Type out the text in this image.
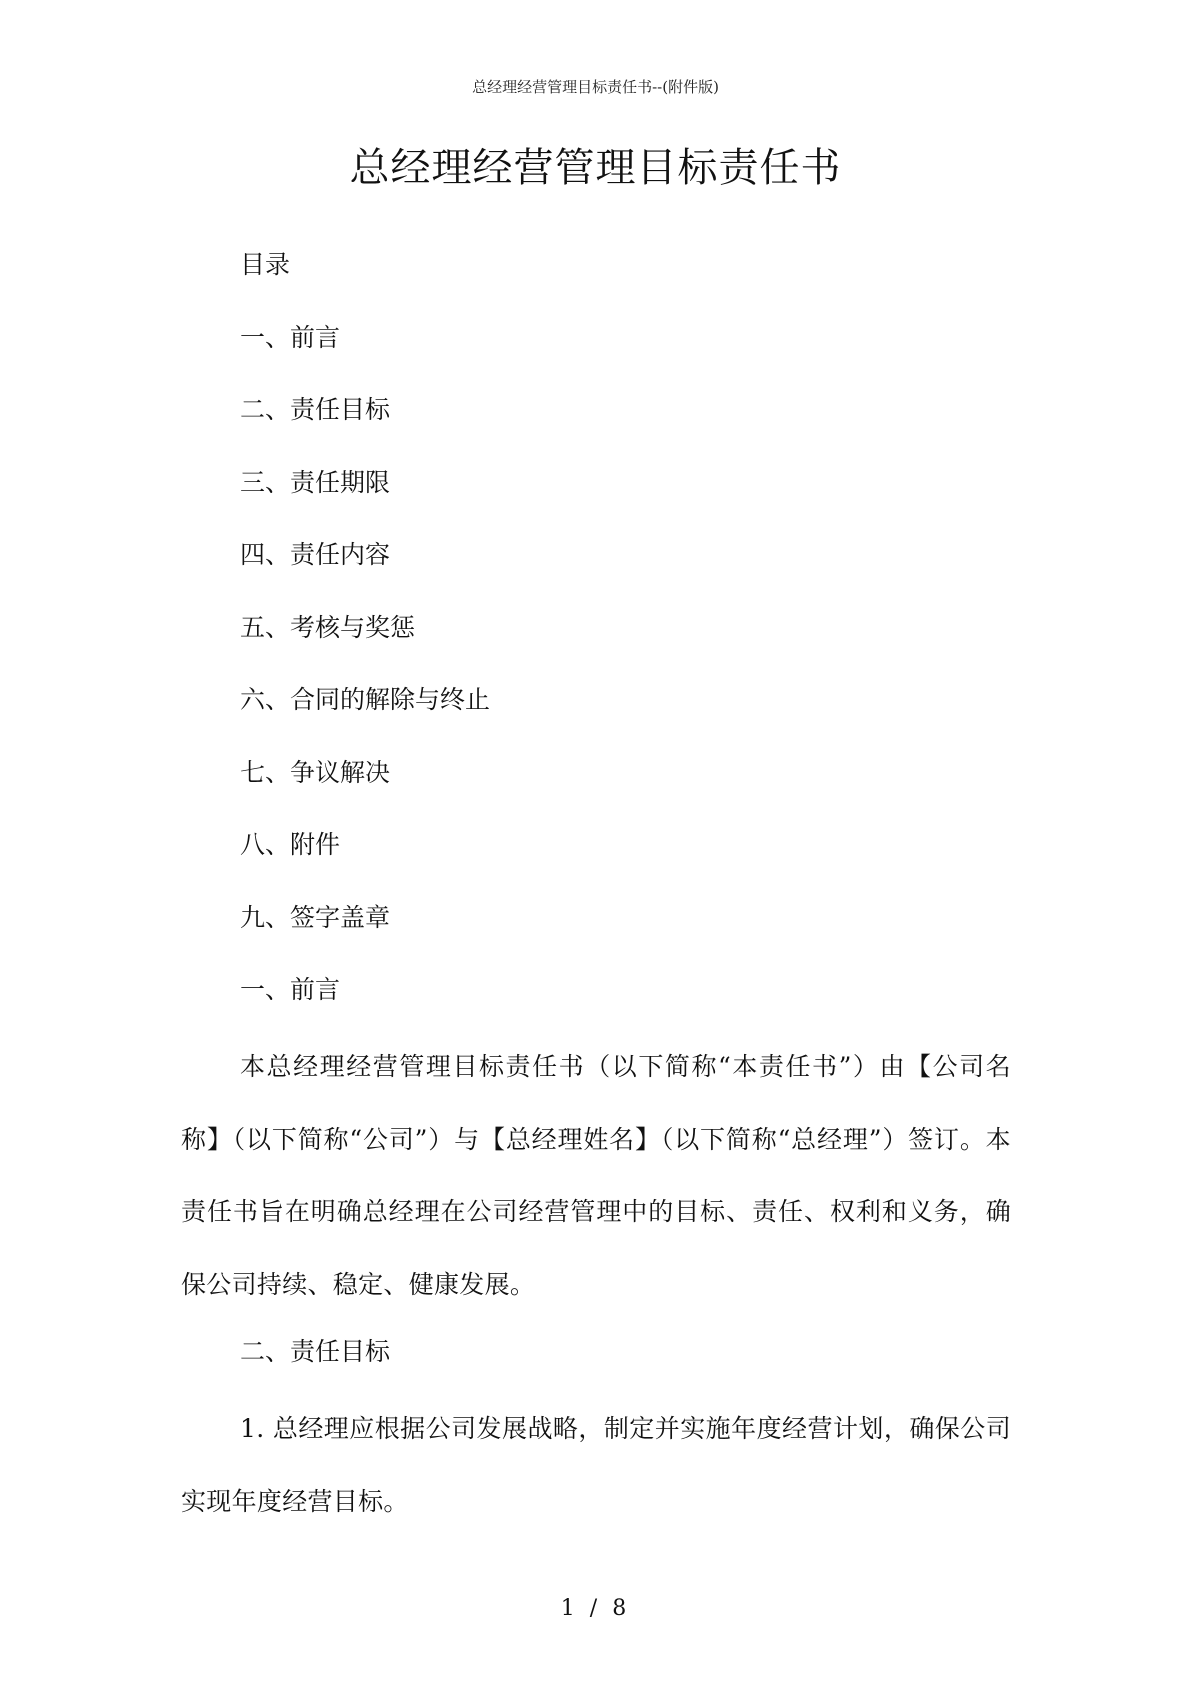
总经理经营管理目标责任书--(附件版)
总经理经营管理目标责任书
目录
一、前言
二、责任目标
三、责任期限
四、责任内容
五、考核与奖惩
六、合同的解除与终止
七、争议解决
八、附件
九、签字盖章
一、前言

本总经理经营管理目标责任书（以下简称“本责任书”）由【公司名称】（以下简称“公司”）与【总经理姓名】（以下简称“总经理”）签订。本责任书旨在明确总经理在公司经营管理中的目标、责任、权利和义务，确保公司持续、稳定、健康发展。

二、责任目标

1. 总经理应根据公司发展战略，制定并实施年度经营计划，确保公司实现年度经营目标。

1 / 8
